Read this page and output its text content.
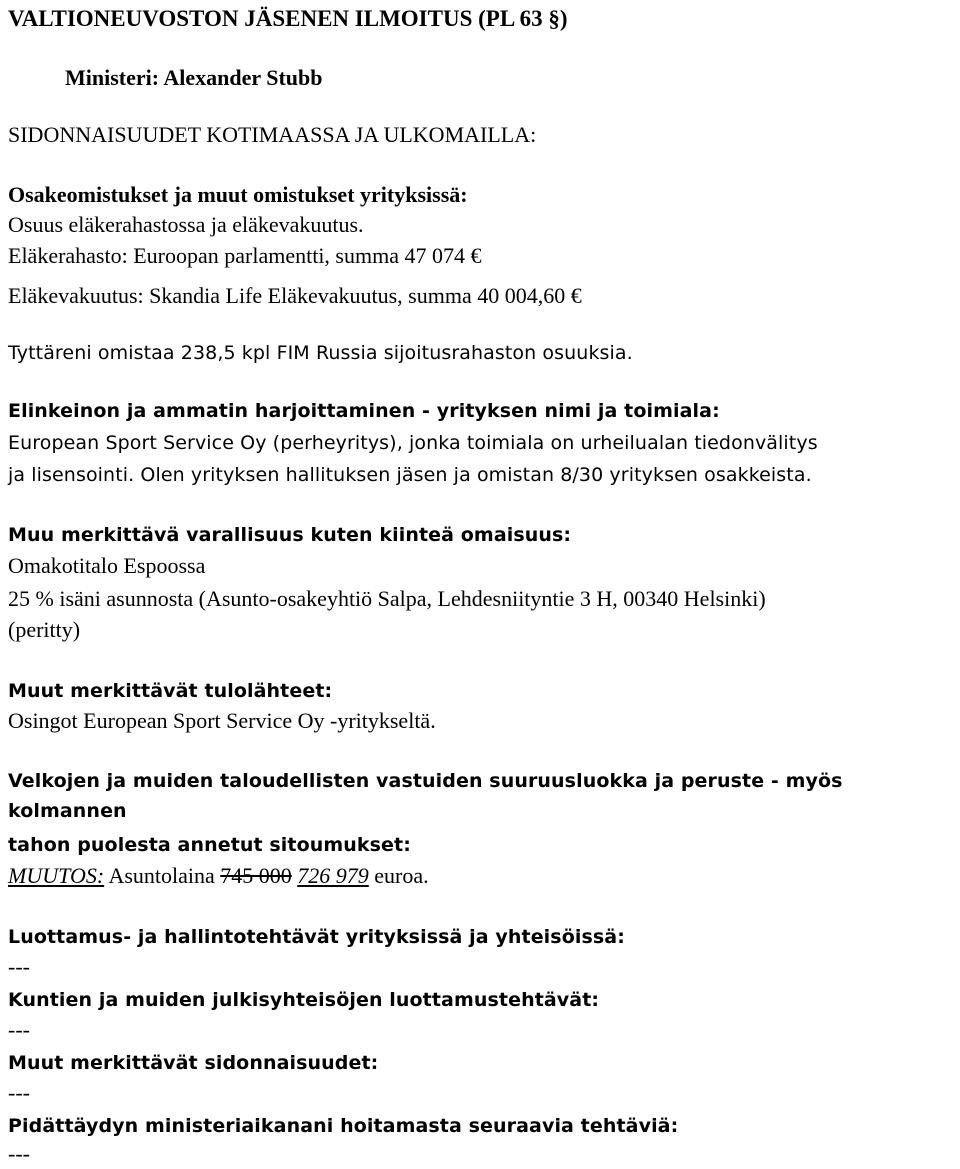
VALTIONEUVOSTON JÄSENEN ILMOITUS (PL 63 §)
Ministeri: Alexander Stubb
SIDONNAISUUDET KOTIMAASSA JA ULKOMAILLA:
Osakeomistukset ja muut omistukset yrityksissä:
Osuus eläkerahastossa ja eläkevakuutus.
Eläkerahasto: Euroopan parlamentti, summa 47 074 €
Eläkevakuutus: Skandia Life Eläkevakuutus, summa 40 004,60 €
Tyttäreni omistaa 238,5 kpl FIM Russia sijoitusrahaston osuuksia.
Elinkeinon ja ammatin harjoittaminen - yrityksen nimi ja toimiala:
European Sport Service Oy (perheyritys), jonka toimiala on urheilualan tiedonvälitys
ja lisensointi. Olen yrityksen hallituksen jäsen ja omistan 8/30 yrityksen osakkeista.
Muu merkittävä varallisuus kuten kiinteä omaisuus:
Omakotitalo Espoossa
25 % isäni asunnosta (Asunto-osakeyhtiö Salpa, Lehdesniityntie 3 H, 00340 Helsinki)
(peritty)
Muut merkittävät tulolähteet:
Osingot European Sport Service Oy -yritykseltä.
Velkojen ja muiden taloudellisten vastuiden suuruusluokka ja peruste - myös
kolmannen
tahon puolesta annetut sitoumukset:
MUUTOS: Asuntolaina 745 000 726 979 euroa.
Luottamus- ja hallintotehtävät yrityksissä ja yhteisöissä:
---
Kuntien ja muiden julkisyhteisöjen luottamustehtävät:
---
Muut merkittävät sidonnaisuudet:
---
Pidättäydyn ministeriaikanani hoitamasta seuraavia tehtäviä:
---
